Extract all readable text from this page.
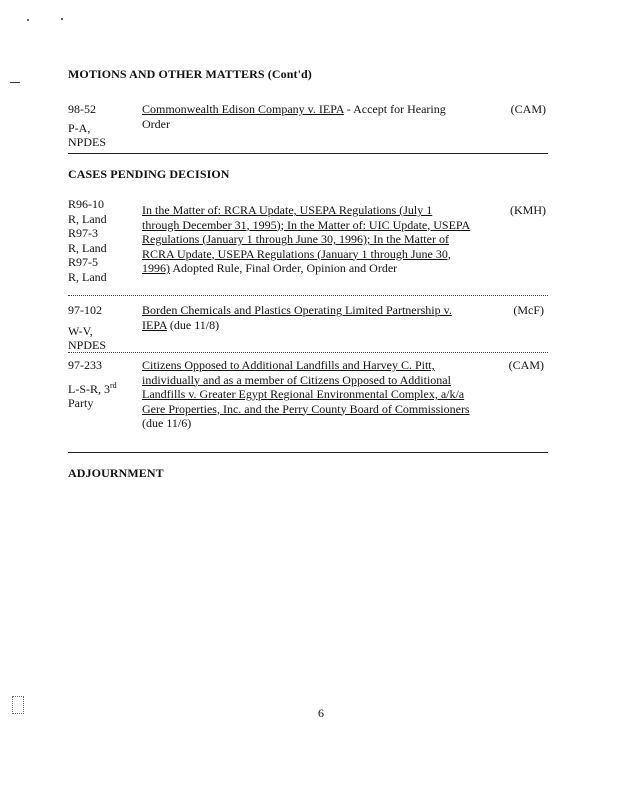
MOTIONS AND OTHER MATTERS (Cont'd)
98-52
P-A,
NPDES
Commonwealth Edison Company v. IEPA - Accept for Hearing Order
(CAM)
CASES PENDING DECISION
R96-10
R, Land
R97-3
R, Land
R97-5
R, Land
In the Matter of: RCRA Update, USEPA Regulations (July 1 through December 31, 1995); In the Matter of: UIC Update, USEPA Regulations (January 1 through June 30, 1996); In the Matter of RCRA Update, USEPA Regulations (January 1 through June 30, 1996) Adopted Rule, Final Order, Opinion and Order
(KMH)
97-102
W-V,
NPDES
Borden Chemicals and Plastics Operating Limited Partnership v. IEPA (due 11/8)
(McF)
97-233
L-S-R, 3rd
Party
Citizens Opposed to Additional Landfills and Harvey C. Pitt, individually and as a member of Citizens Opposed to Additional Landfills v. Greater Egypt Regional Environmental Complex, a/k/a Gere Properties, Inc. and the Perry County Board of Commissioners (due 11/6)
(CAM)
ADJOURNMENT
6
